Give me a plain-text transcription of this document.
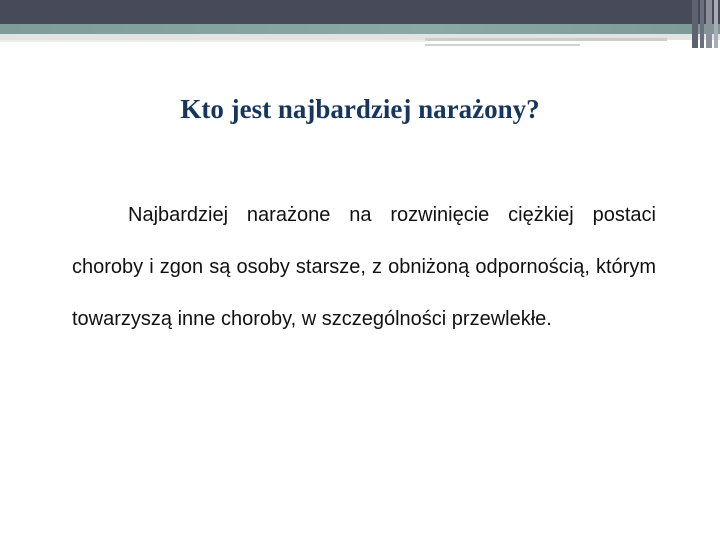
Kto jest najbardziej narażony?

Najbardziej narażone na rozwinięcie ciężkiej postaci choroby i zgon są osoby starsze, z obniżoną odpornością, którym towarzyszą inne choroby, w szczególności przewlekłe.
